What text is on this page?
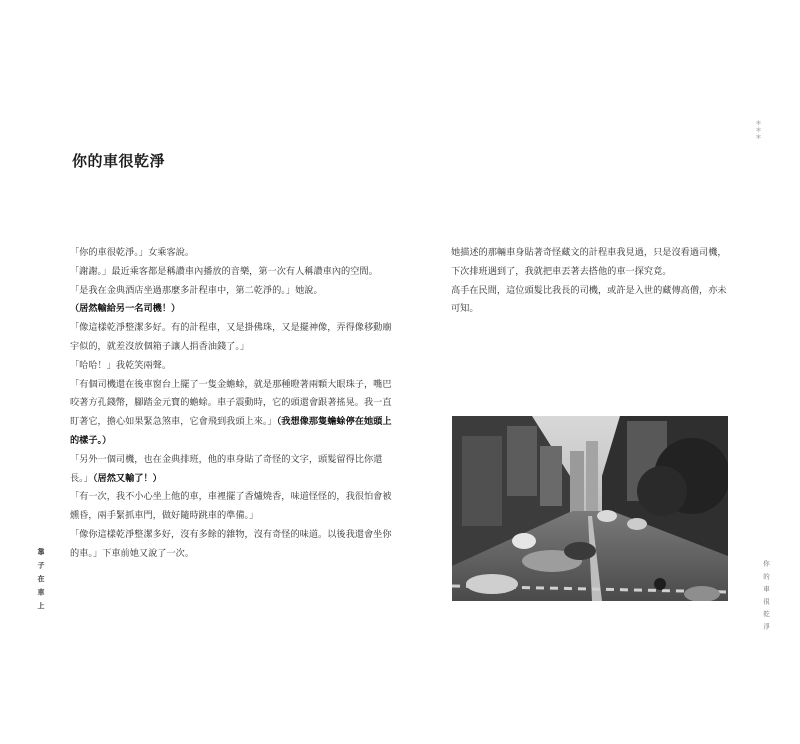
＊＊＊
你的車很乾淨

「你的車很乾淨。」女乘客說。

「謝謝。」最近乘客都是稱讚車內播放的音樂，第一次有人稱讚車內的空間。

「是我在金典酒店坐過那麼多計程車中，第二乾淨的。」她說。

（居然輸給另一名司機！）

「像這樣乾淨整潔多好。有的計程車，又是掛佛珠，又是擺神像，弄得像移動廟宇似的，就差沒放個箱子讓人捐香油錢了。」

「哈哈！」我乾笑兩聲。

「有個司機還在後車窗台上擺了一隻金蟾蜍，就是那種瞪著兩顆大眼珠子，嘴巴咬著方孔錢幣，腳踏金元寶的蟾蜍。車子震動時，它的頭還會跟著搖晃。我一直盯著它，擔心如果緊急煞車，它會飛到我頭上來。」（我想像那隻蟾蜍停在她頭上的樣子。）

「另外一個司機，也在金典排班，他的車身貼了奇怪的文字，頭髮留得比你還長。」（居然又輸了！）

「有一次，我不小心坐上他的車，車裡擺了香爐燒香，味道怪怪的，我很怕會被燻昏，兩手緊抓車門，做好隨時跳車的準備。」

「像你這樣乾淨整潔多好，沒有多餘的雜物，沒有奇怪的味道。以後我還會坐你的車。」下車前她又說了一次。

靠 子 在 車 上

她描述的那輛車身貼著奇怪藏文的計程車我見過，只是沒看過司機，下次排班遇到了，我就把車丟著去搭他的車一探究竟。

高手在民間，這位頭髮比我長的司機，或許是入世的藏傳高僧，亦未可知。

你 的 車 很 乾 淨
